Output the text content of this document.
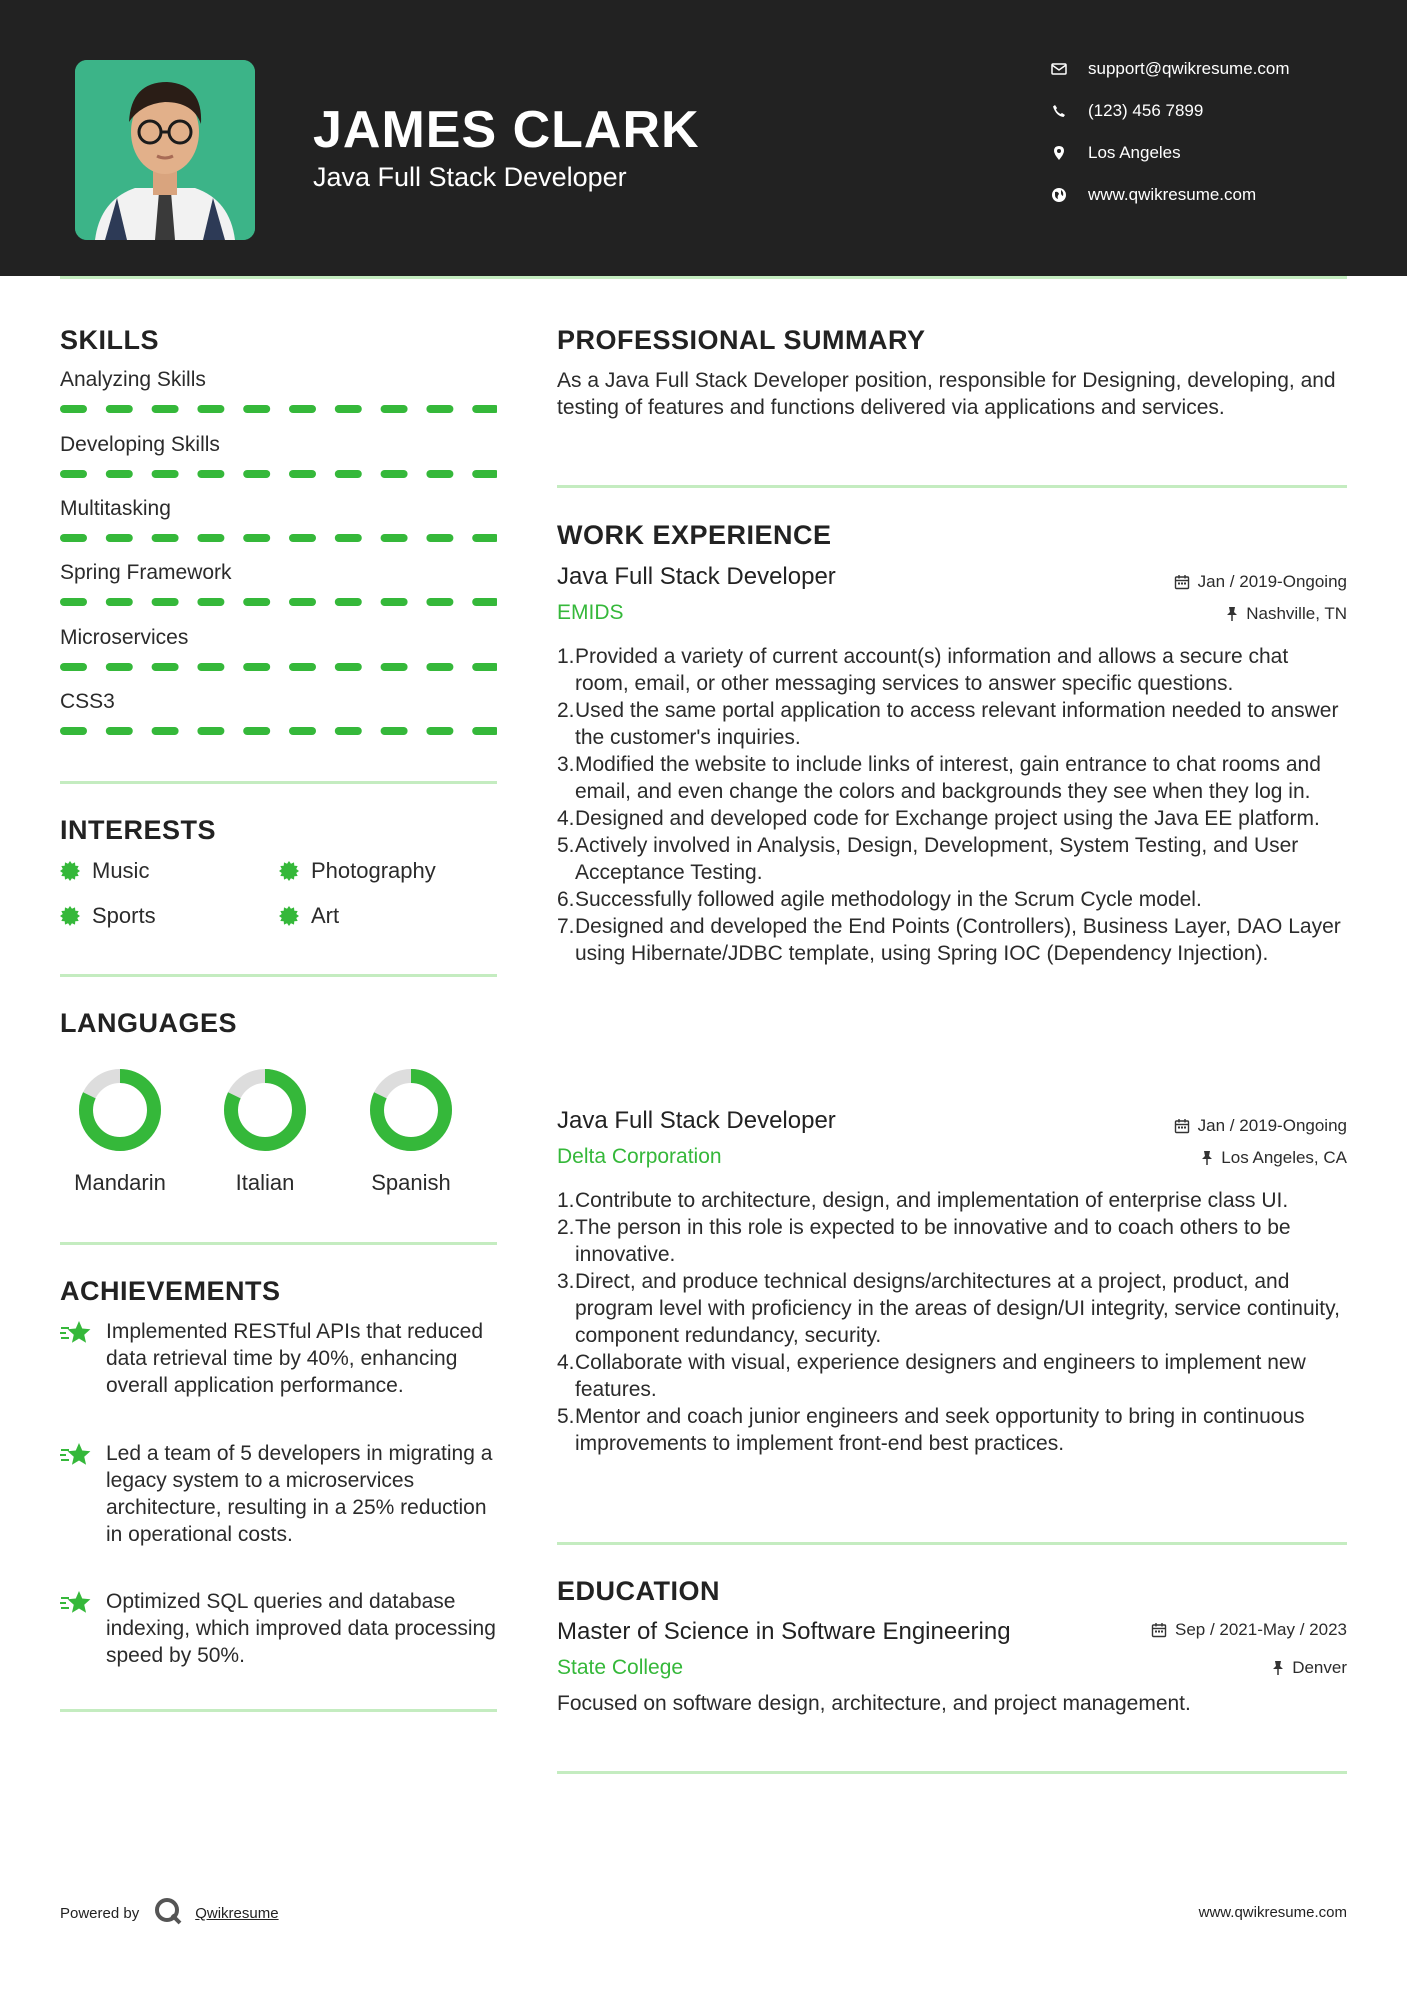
JAMES CLARK
Java Full Stack Developer
support@qwikresume.com
(123) 456 7899
Los Angeles
www.qwikresume.com
SKILLS
Analyzing Skills
Developing Skills
Multitasking
Spring Framework
Microservices
CSS3
INTERESTS
Music	Photography
Sports	Art
LANGUAGES
Mandarin	Italian	Spanish
ACHIEVEMENTS
Implemented RESTful APIs that reduced data retrieval time by 40%, enhancing overall application performance.
Led a team of 5 developers in migrating a legacy system to a microservices architecture, resulting in a 25% reduction in operational costs.
Optimized SQL queries and database indexing, which improved data processing speed by 50%.
PROFESSIONAL SUMMARY
As a Java Full Stack Developer position, responsible for Designing, developing, and testing of features and functions delivered via applications and services.
WORK EXPERIENCE
Java Full Stack Developer	Jan / 2019-Ongoing
EMIDS	Nashville, TN
1. Provided a variety of current account(s) information and allows a secure chat room, email, or other messaging services to answer specific questions.
2. Used the same portal application to access relevant information needed to answer the customer's inquiries.
3. Modified the website to include links of interest, gain entrance to chat rooms and email, and even change the colors and backgrounds they see when they log in.
4. Designed and developed code for Exchange project using the Java EE platform.
5. Actively involved in Analysis, Design, Development, System Testing, and User Acceptance Testing.
6. Successfully followed agile methodology in the Scrum Cycle model.
7. Designed and developed the End Points (Controllers), Business Layer, DAO Layer using Hibernate/JDBC template, using Spring IOC (Dependency Injection).
Java Full Stack Developer	Jan / 2019-Ongoing
Delta Corporation	Los Angeles, CA
1. Contribute to architecture, design, and implementation of enterprise class UI.
2. The person in this role is expected to be innovative and to coach others to be innovative.
3. Direct, and produce technical designs/architectures at a project, product, and program level with proficiency in the areas of design/UI integrity, service continuity, component redundancy, security.
4. Collaborate with visual, experience designers and engineers to implement new features.
5. Mentor and coach junior engineers and seek opportunity to bring in continuous improvements to implement front-end best practices.
EDUCATION
Master of Science in Software Engineering	Sep / 2021-May / 2023
State College	Denver
Focused on software design, architecture, and project management.
Powered by	Qwikresume	www.qwikresume.com
